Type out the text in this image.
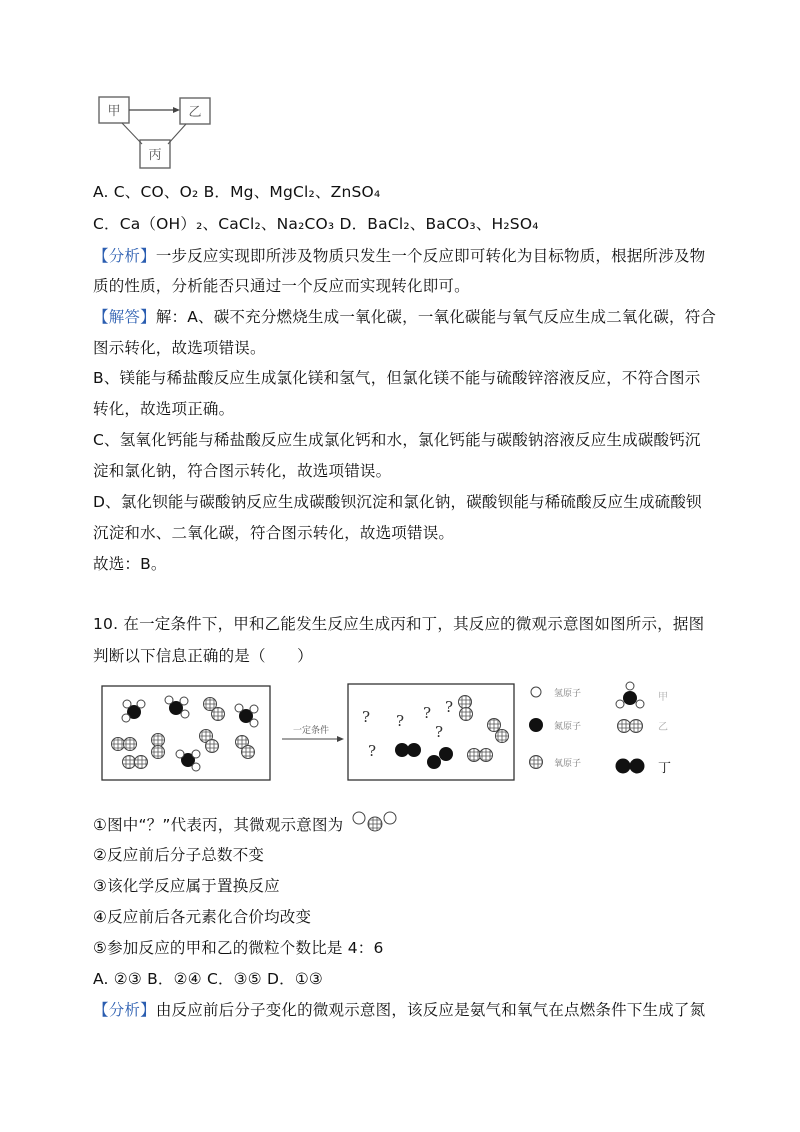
甲	乙
丙
A. C、CO、O₂ B．Mg、MgCl₂、ZnSO₄
C．Ca（OH）₂、CaCl₂、Na₂CO₃ D．BaCl₂、BaCO₃、H₂SO₄
【分析】一步反应实现即所涉及物质只发生一个反应即可转化为目标物质，根据所涉及物
质的性质，分析能否只通过一个反应而实现转化即可。
【解答】解：A、碳不充分燃烧生成一氧化碳，一氧化碳能与氧气反应生成二氧化碳，符合
图示转化，故选项错误。
B、镁能与稀盐酸反应生成氯化镁和氢气，但氯化镁不能与硫酸锌溶液反应，不符合图示
转化，故选项正确。
C、氢氧化钙能与稀盐酸反应生成氯化钙和水，氯化钙能与碳酸钠溶液反应生成碳酸钙沉
淀和氯化钠，符合图示转化，故选项错误。
D、氯化钡能与碳酸钠反应生成碳酸钡沉淀和氯化钠，碳酸钡能与稀硫酸反应生成硫酸钡
沉淀和水、二氧化碳，符合图示转化，故选项错误。
故选：B。
10. 在一定条件下，甲和乙能发生反应生成丙和丁，其反应的微观示意图如图所示，据图
判断以下信息正确的是（　　）
一定条件
? ? ? ?
?
?
氢原子
氮原子
氧原子
甲
乙
丁
①图中“？”代表丙，其微观示意图为
②反应前后分子总数不变
③该化学反应属于置换反应
④反应前后各元素化合价均改变
⑤参加反应的甲和乙的微粒个数比是 4：6
A. ②③ B．②④ C．③⑤ D．①③
【分析】由反应前后分子变化的微观示意图，该反应是氨气和氧气在点燃条件下生成了氮
